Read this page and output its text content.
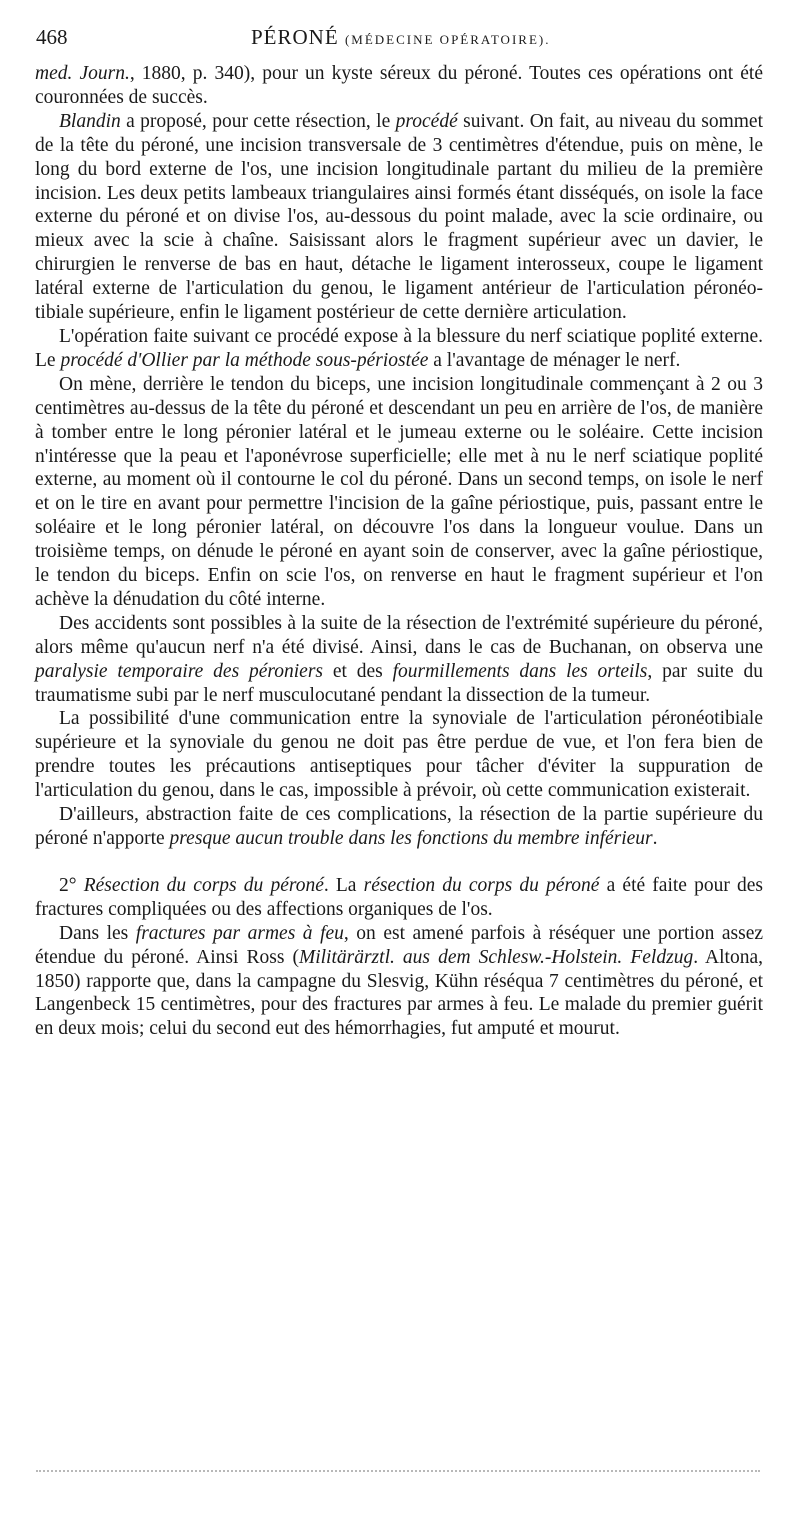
468	PÉRONÉ (MÉDECINE OPÉRATOIRE).

med. Journ., 1880, p. 340), pour un kyste séreux du péroné. Toutes ces opérations ont été couronnées de succès.

Blandin a proposé, pour cette résection, le procédé suivant. On fait, au niveau du sommet de la tête du péroné, une incision transversale de 3 centimètres d'étendue, puis on mène, le long du bord externe de l'os, une incision longitudinale partant du milieu de la première incision. Les deux petits lambeaux triangulaires ainsi formés étant disséqués, on isole la face externe du péroné et on divise l'os, au-dessous du point malade, avec la scie ordinaire, ou mieux avec la scie à chaîne. Saisissant alors le fragment supérieur avec un davier, le chirurgien le renverse de bas en haut, détache le ligament interosseux, coupe le ligament latéral externe de l'articulation du genou, le ligament antérieur de l'articulation péronéo-tibiale supérieure, enfin le ligament postérieur de cette dernière articulation.

L'opération faite suivant ce procédé expose à la blessure du nerf sciatique poplité externe. Le procédé d'Ollier par la méthode sous-périostée a l'avantage de ménager le nerf.

On mène, derrière le tendon du biceps, une incision longitudinale commençant à 2 ou 3 centimètres au-dessus de la tête du péroné et descendant un peu en arrière de l'os, de manière à tomber entre le long péronier latéral et le jumeau externe ou le soléaire. Cette incision n'intéresse que la peau et l'aponévrose superficielle; elle met à nu le nerf sciatique poplité externe, au moment où il contourne le col du péroné. Dans un second temps, on isole le nerf et on le tire en avant pour permettre l'incision de la gaîne périostique, puis, passant entre le soléaire et le long péronier latéral, on découvre l'os dans la longueur voulue. Dans un troisième temps, on dénude le péroné en ayant soin de conserver, avec la gaîne périostique, le tendon du biceps. Enfin on scie l'os, on renverse en haut le fragment supérieur et l'on achève la dénudation du côté interne.

Des accidents sont possibles à la suite de la résection de l'extrémité supérieure du péroné, alors même qu'aucun nerf n'a été divisé. Ainsi, dans le cas de Buchanan, on observa une paralysie temporaire des péroniers et des fourmillements dans les orteils, par suite du traumatisme subi par le nerf musculocutané pendant la dissection de la tumeur.

La possibilité d'une communication entre la synoviale de l'articulation péronéotibiale supérieure et la synoviale du genou ne doit pas être perdue de vue, et l'on fera bien de prendre toutes les précautions antiseptiques pour tâcher d'éviter la suppuration de l'articulation du genou, dans le cas, impossible à prévoir, où cette communication existerait.

D'ailleurs, abstraction faite de ces complications, la résection de la partie supérieure du péroné n'apporte presque aucun trouble dans les fonctions du membre inférieur.

2° Résection du corps du péroné. La résection du corps du péroné a été faite pour des fractures compliquées ou des affections organiques de l'os.

Dans les fractures par armes à feu, on est amené parfois à réséquer une portion assez étendue du péroné. Ainsi Ross (Militärärztl. aus dem Schlesw.-Holstein. Feldzug. Altona, 1850) rapporte que, dans la campagne du Slesvig, Kühn réséqua 7 centimètres du péroné, et Langenbeck 15 centimètres, pour des fractures par armes à feu. Le malade du premier guérit en deux mois; celui du second eut des hémorrhagies, fut amputé et mourut.
